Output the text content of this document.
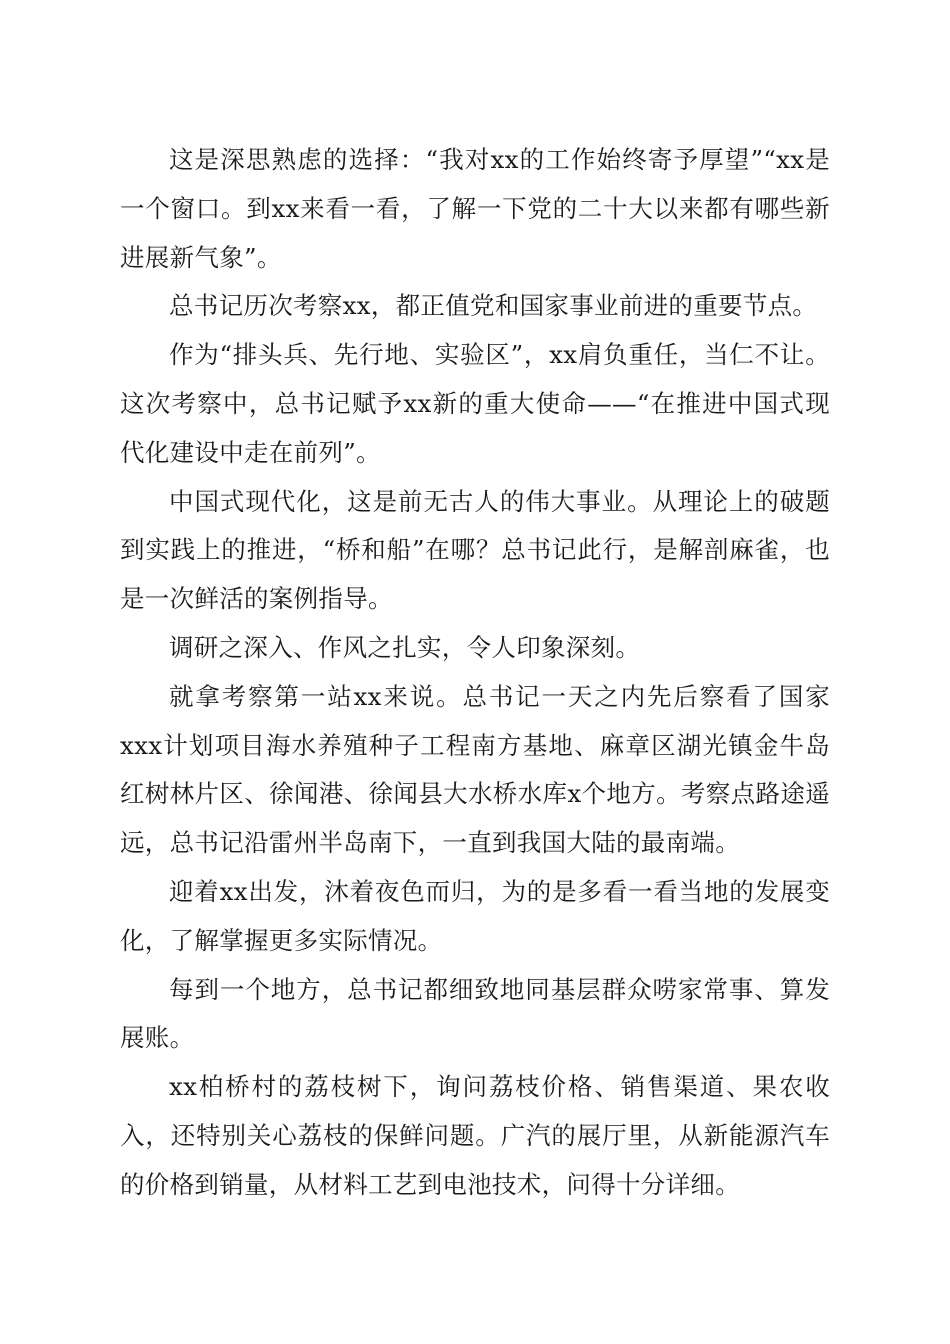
这是深思熟虑的选择：“我对xx的工作始终寄予厚望”“xx是一个窗口。到xx来看一看，了解一下党的二十大以来都有哪些新进展新气象”。

总书记历次考察xx，都正值党和国家事业前进的重要节点。

作为“排头兵、先行地、实验区”，xx肩负重任，当仁不让。这次考察中，总书记赋予xx新的重大使命——“在推进中国式现代化建设中走在前列”。

中国式现代化，这是前无古人的伟大事业。从理论上的破题到实践上的推进，“桥和船”在哪？总书记此行，是解剖麻雀，也是一次鲜活的案例指导。

调研之深入、作风之扎实，令人印象深刻。

就拿考察第一站xx来说。总书记一天之内先后察看了国家xxx计划项目海水养殖种子工程南方基地、麻章区湖光镇金牛岛红树林片区、徐闻港、徐闻县大水桥水库x个地方。考察点路途遥远，总书记沿雷州半岛南下，一直到我国大陆的最南端。

迎着xx出发，沐着夜色而归，为的是多看一看当地的发展变化，了解掌握更多实际情况。

每到一个地方，总书记都细致地同基层群众唠家常事、算发展账。

xx柏桥村的荔枝树下，询问荔枝价格、销售渠道、果农收入，还特别关心荔枝的保鲜问题。广汽的展厅里，从新能源汽车的价格到销量，从材料工艺到电池技术，问得十分详细。
